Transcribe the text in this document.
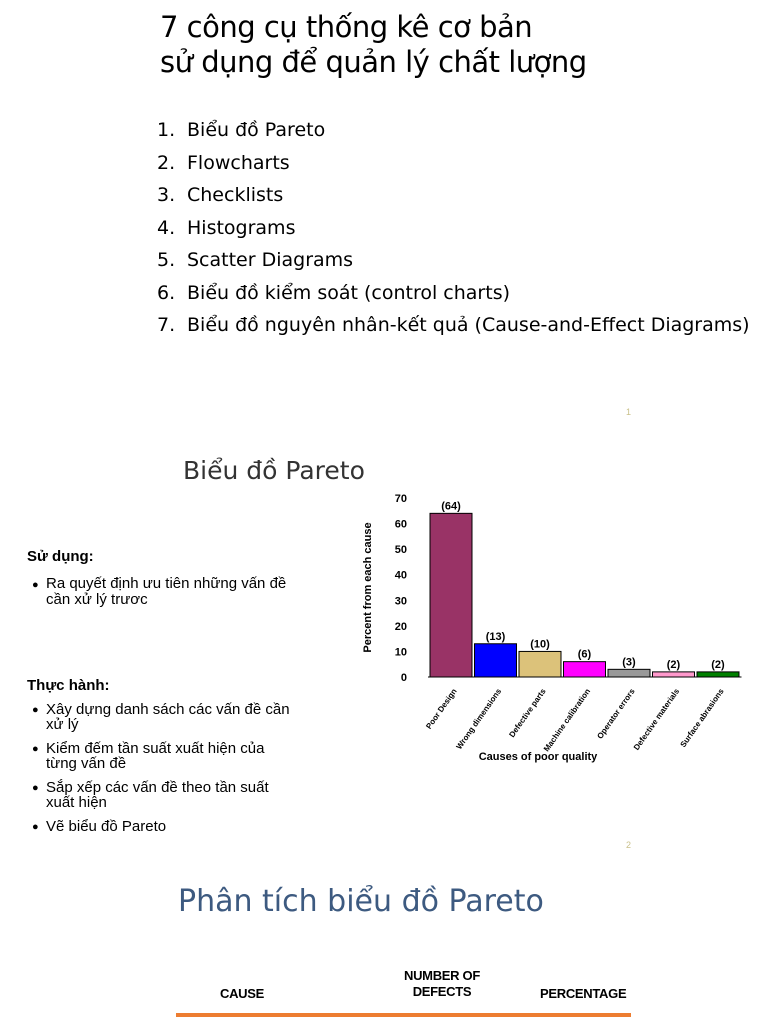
7 công cụ thống kê cơ bản
sử dụng để quản lý chất lượng
1. Biểu đồ Pareto
2. Flowcharts
3. Checklists
4. Histograms
5. Scatter Diagrams
6. Biểu đồ kiểm soát (control charts)
7. Biểu đồ nguyên nhân-kết quả (Cause-and-Effect Diagrams)
1
Biểu đồ Pareto
Sử dụng:
● Ra quyết định ưu tiên những vấn đề cần xử lý trươc
Thực hành:
● Xây dựng danh sách các vấn đề cần xử lý
● Kiểm đếm tần suất xuất hiện của từng vấn đề
● Sắp xếp các vấn đề theo tần suất xuất hiện
● Vẽ biểu đồ Pareto
2
0
10
20
30
40
50
60
70
Percent from each cause
(64)
Poor Design
(13)
Wrong dimensions
(10)
Defective parts
(6)
Machine calibration
(3)
Operator errors
(2)
Defective materials
(2)
Surface abrasions
Causes of poor quality
Phân tích biểu đồ Pareto
CAUSE
NUMBER OF
DEFECTS	PERCENTAGE
